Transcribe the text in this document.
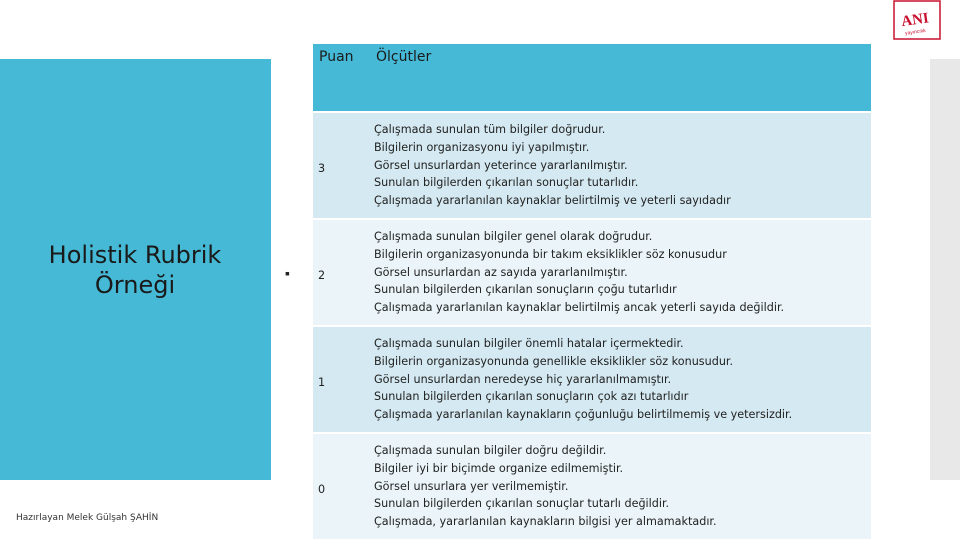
Holistik Rubrik
Örneği	▪
Hazırlayan Melek Gülşah ŞAHİN
ANI
yayıncılık
Puan	Ölçütler
3	Çalışmada sunulan tüm bilgiler doğrudur.
Bilgilerin organizasyonu iyi yapılmıştır.
Görsel unsurlardan yeterince yararlanılmıştır.
Sunulan bilgilerden çıkarılan sonuçlar tutarlıdır.
Çalışmada yararlanılan kaynaklar belirtilmiş ve yeterli sayıdadır

2	Çalışmada sunulan bilgiler genel olarak doğrudur.
Bilgilerin organizasyonunda bir takım eksiklikler söz konusudur
Görsel unsurlardan az sayıda yararlanılmıştır.
Sunulan bilgilerden çıkarılan sonuçların çoğu tutarlıdır
Çalışmada yararlanılan kaynaklar belirtilmiş ancak yeterli sayıda değildir.

1	Çalışmada sunulan bilgiler önemli hatalar içermektedir.
Bilgilerin organizasyonunda genellikle eksiklikler söz konusudur.
Görsel unsurlardan neredeyse hiç yararlanılmamıştır.
Sunulan bilgilerden çıkarılan sonuçların çok azı tutarlıdır
Çalışmada yararlanılan kaynakların çoğunluğu belirtilmemiş ve yetersizdir.

0	Çalışmada sunulan bilgiler doğru değildir.
Bilgiler iyi bir biçimde organize edilmemiştir.
Görsel unsurlara yer verilmemiştir.
Sunulan bilgilerden çıkarılan sonuçlar tutarlı değildir.
Çalışmada, yararlanılan kaynakların bilgisi yer almamaktadır.
